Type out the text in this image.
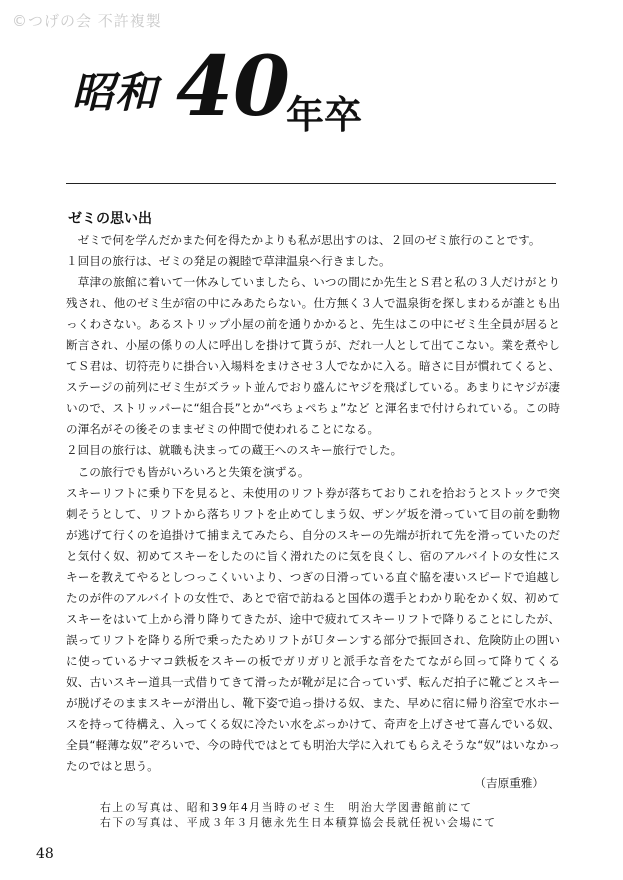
©つげの会 不許複製
昭和 40
年卒
ゼミの思い出

　ゼミで何を学んだかまた何を得たかよりも私が思出すのは、２回のゼミ旅行のことです。

１回目の旅行は、ゼミの発足の親睦で草津温泉へ行きました。

　草津の旅館に着いて一休みしていましたら、いつの間にか先生とＳ君と私の３人だけがとり残され、他のゼミ生が宿の中にみあたらない。仕方無く３人で温泉街を探しまわるが誰とも出っくわさない。あるストリップ小屋の前を通りかかると、先生はこの中にゼミ生全員が居ると断言され、小屋の係りの人に呼出しを掛けて貰うが、だれ一人として出てこない。業を煮やしてＳ君は、切符売りに掛合い入場料をまけさせ３人でなかに入る。暗さに目が慣れてくると、ステージの前列にゼミ生がズラット並んでおり盛んにヤジを飛ばしている。あまりにヤジが凄いので、ストリッパーに“組合長”とか“ぺちょぺちょ”など と渾名まで付けられている。この時の渾名がその後そのままゼミの仲間で使われることになる。

２回目の旅行は、就職も決まっての蔵王へのスキー旅行でした。

　この旅行でも皆がいろいろと失策を演ずる。

スキーリフトに乗り下を見ると、未使用のリフト券が落ちておりこれを拾おうとストックで突刺そうとして、リフトから落ちリフトを止めてしまう奴、ザンゲ坂を滑っていて目の前を動物が逃げて行くのを追掛けて捕まえてみたら、自分のスキーの先端が折れて先を滑っていたのだと気付く奴、初めてスキーをしたのに旨く滑れたのに気を良くし、宿のアルバイトの女性にスキーを教えてやるとしつっこくいいより、つぎの日滑っている直ぐ脇を凄いスピードで追越したのが件のアルバイトの女性で、あとで宿で訪ねると国体の選手とわかり恥をかく奴、初めてスキーをはいて上から滑り降りてきたが、途中で疲れてスキーリフトで降りることにしたが、誤ってリフトを降りる所で乗ったためリフトがＵターンする部分で振回され、危険防止の囲いに使っているナマコ鉄板をスキーの板でガリガリと派手な音をたてながら回って降りてくる奴、古いスキー道具一式借りてきて滑ったが靴が足に合っていず、転んだ拍子に靴ごとスキーが脱げそのままスキーが滑出し、靴下姿で追っ掛ける奴、また、早めに宿に帰り浴室で水ホースを持って待構え、入ってくる奴に冷たい水をぶっかけて、奇声を上げさせて喜んでいる奴、全員“軽薄な奴”ぞろいで、今の時代ではとても明治大学に入れてもらえそうな“奴”はいなかったのではと思う。

（吉原重雅）
右上の写真は、昭和39年4月当時のゼミ生　明治大学図書館前にて
右下の写真は、平成３年３月徳永先生日本積算協会長就任祝い会場にて
48
